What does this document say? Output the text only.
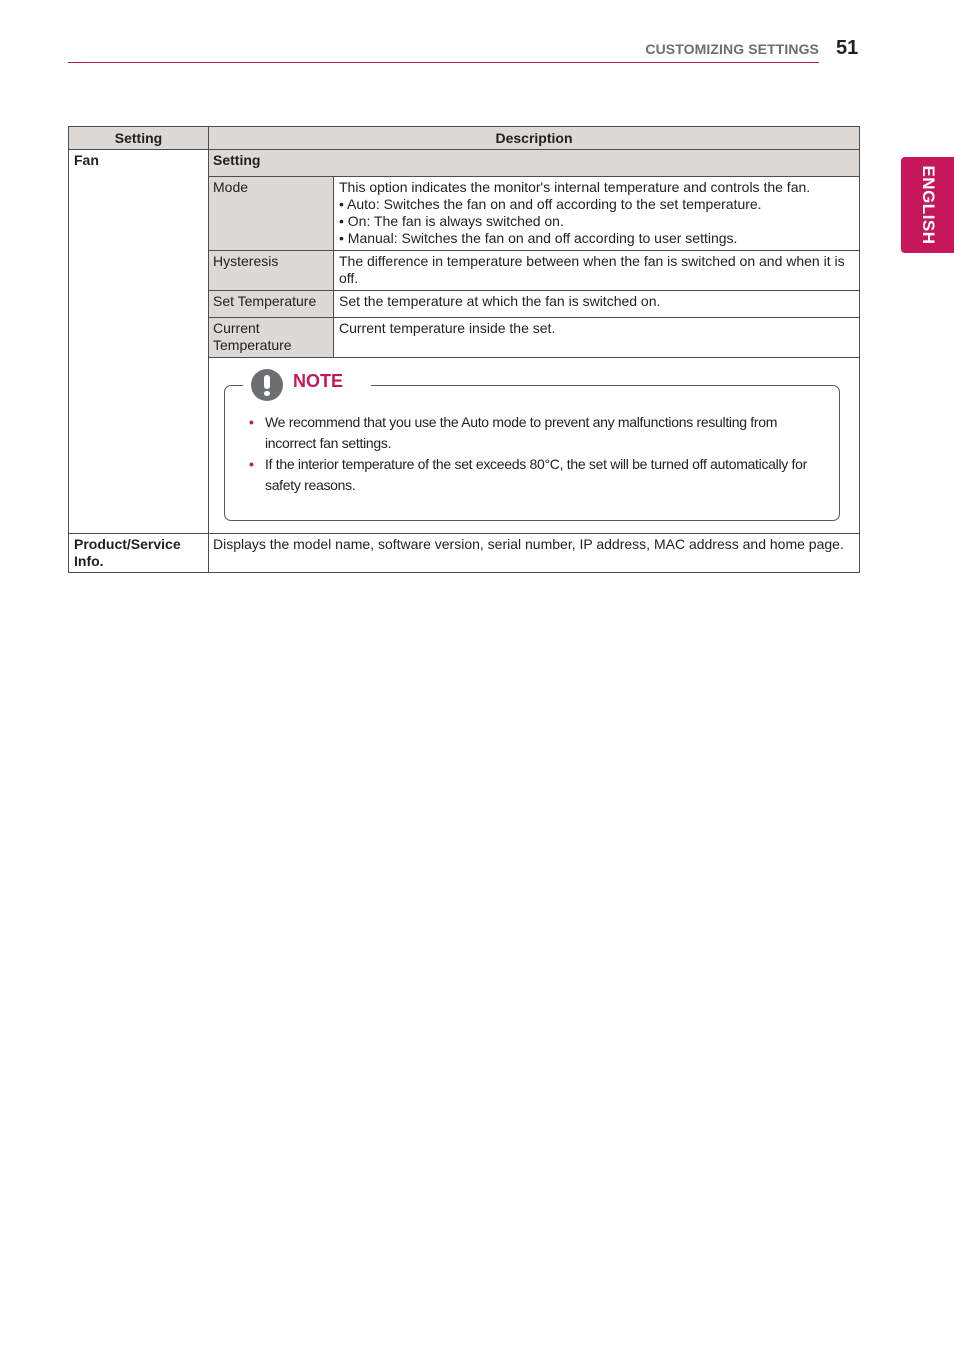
CUSTOMIZING SETTINGS 51
ENGLISH
Setting	Description	

Fan	Setting	
	Mode	This option indicates the monitor's internal temperature and controls the fan.
• Auto: Switches the fan on and off according to the set temperature.
• On: The fan is always switched on.
• Manual: Switches the fan on and off according to user settings.

	Hysteresis	The difference in temperature between when the fan is switched on and when it is off.
	Set Temperature	Set the temperature at which the fan is switched on.
	Current Temperature	Current temperature inside the set.

NOTE
• We recommend that you use the Auto mode to prevent any malfunctions resulting from incorrect fan settings.
• If the interior temperature of the set exceeds 80°C, the set will be turned off automatically for safety reasons.

Product/Service Info.	Displays the model name, software version, serial number, IP address, MAC address and home page.	
